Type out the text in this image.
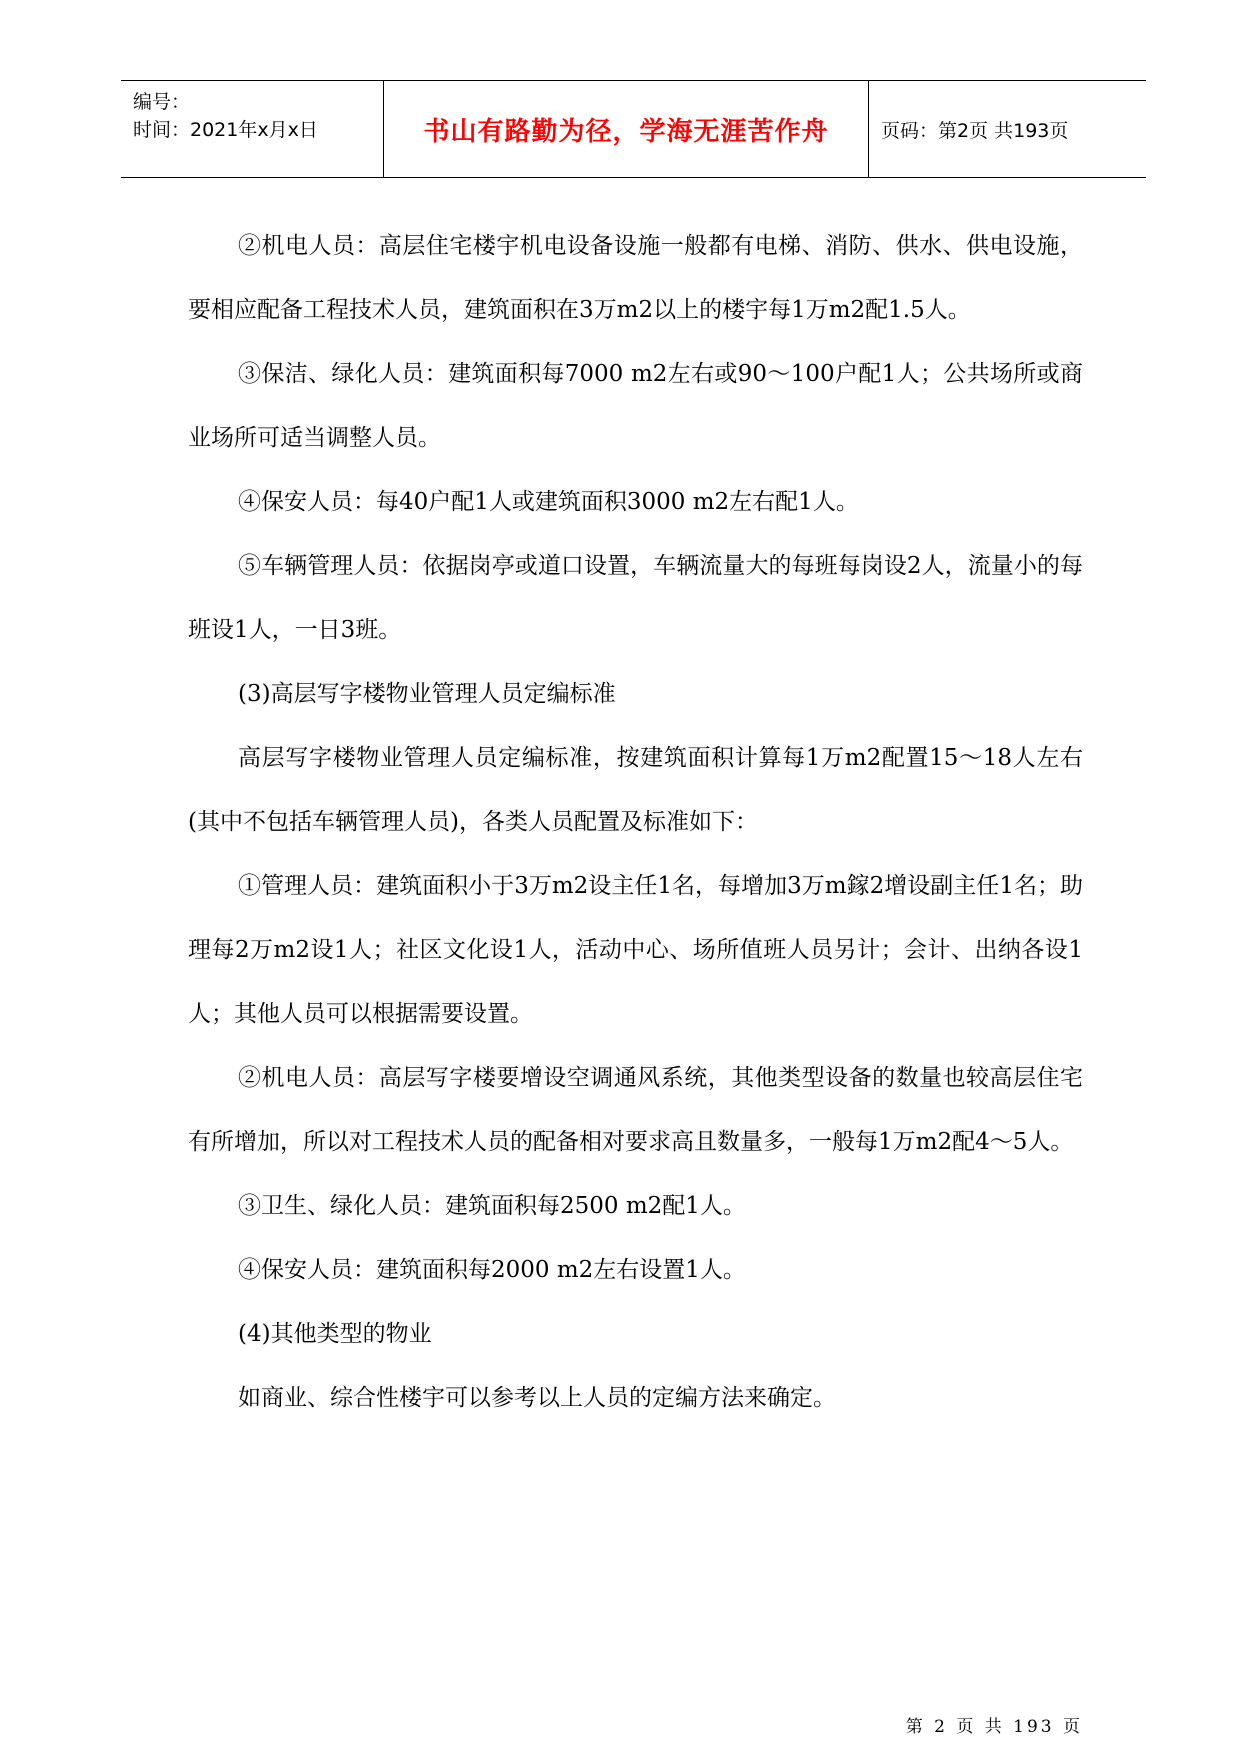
编号：
时间：2021年x月x日	书山有路勤为径，学海无涯苦作舟	页码：第2页 共193页

②机电人员：高层住宅楼宇机电设备设施一般都有电梯、消防、供水、供电设施，要相应配备工程技术人员，建筑面积在3万m2以上的楼宇每1万m2配1.5人。

③保洁、绿化人员：建筑面积每7000 m2左右或90～100户配1人；公共场所或商业场所可适当调整人员。

④保安人员：每40户配1人或建筑面积3000 m2左右配1人。

⑤车辆管理人员：依据岗亭或道口设置，车辆流量大的每班每岗设2人，流量小的每班设1人，一日3班。

(3)高层写字楼物业管理人员定编标准

高层写字楼物业管理人员定编标准，按建筑面积计算每1万m2配置15～18人左右(其中不包括车辆管理人员)，各类人员配置及标准如下：

①管理人员：建筑面积小于3万m2设主任1名，每增加3万m鎵2增设副主任1名；助理每2万m2设1人；社区文化设1人，活动中心、场所值班人员另计；会计、出纳各设1人；其他人员可以根据需要设置。

②机电人员：高层写字楼要增设空调通风系统，其他类型设备的数量也较高层住宅有所增加，所以对工程技术人员的配备相对要求高且数量多，一般每1万m2配4～5人。

③卫生、绿化人员：建筑面积每2500 m2配1人。

④保安人员：建筑面积每2000 m2左右设置1人。

(4)其他类型的物业

如商业、综合性楼宇可以参考以上人员的定编方法来确定。

第 2 页 共 193 页
